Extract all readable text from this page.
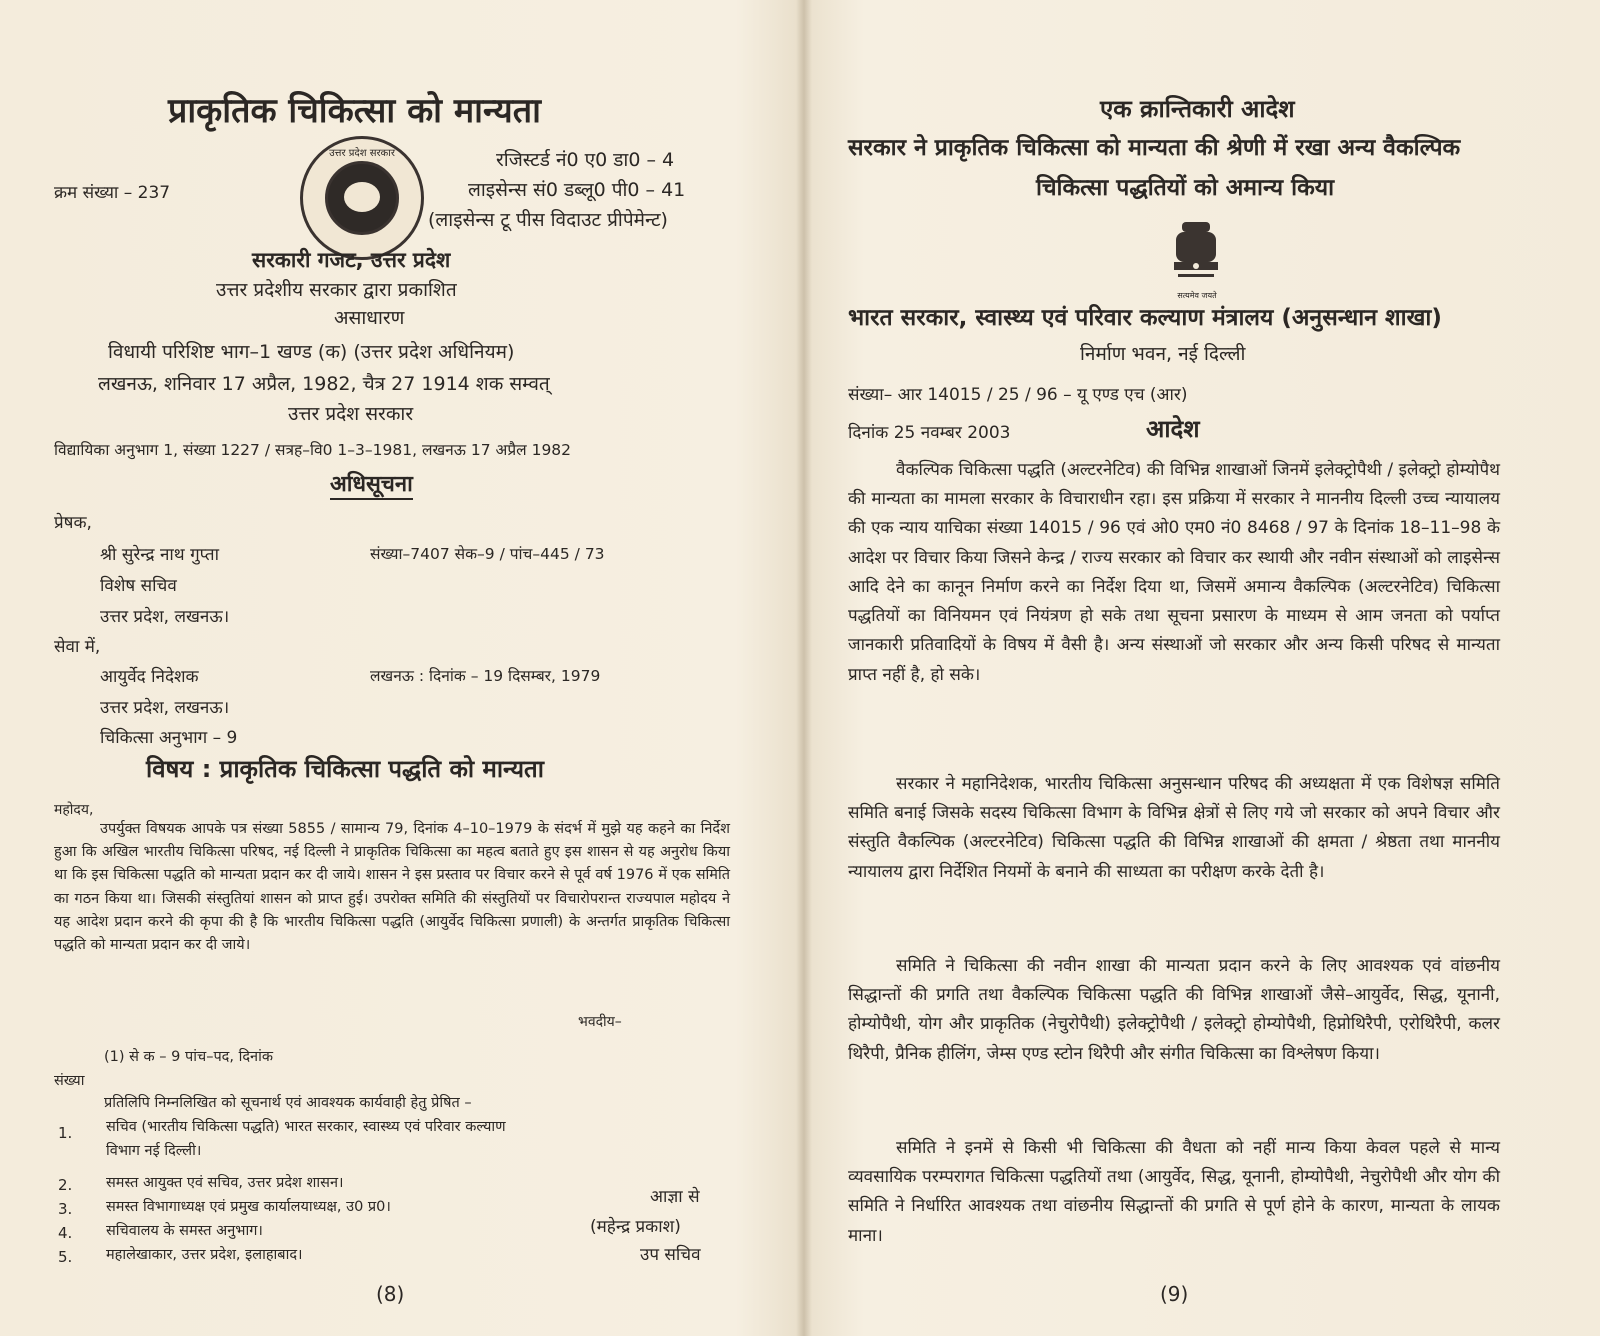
प्राकृतिक चिकित्सा को मान्यता
उत्तर प्रदेश सरकार	रजिस्टर्ड नं0 ए0 डा0 – 4
क्रम संख्या – 237	लाइसेन्स सं0 डब्लू0 पी0 – 41
(लाइसेन्स टू पीस विदाउट प्रीपेमेन्ट)
सरकारी गजट, उत्तर प्रदेश
उत्तर प्रदेशीय सरकार द्वारा प्रकाशित
असाधारण
विधायी परिशिष्ट भाग–1 खण्ड (क) (उत्तर प्रदेश अधिनियम)
लखनऊ, शनिवार 17 अप्रैल, 1982, चैत्र 27 1914 शक सम्वत्
उत्तर प्रदेश सरकार
विद्यायिका अनुभाग 1, संख्या 1227 / सत्रह–वि0 1–3–1981, लखनऊ 17 अप्रैल 1982
अधिसूचना
प्रेषक,
श्री सुरेन्द्र नाथ गुप्ता	संख्या–7407 सेक–9 / पांच–445 / 73
विशेष सचिव
उत्तर प्रदेश, लखनऊ।
सेवा में,
आयुर्वेद निदेशक	लखनऊ : दिनांक – 19 दिसम्बर, 1979
उत्तर प्रदेश, लखनऊ।
चिकित्सा अनुभाग – 9
विषय : प्राकृतिक चिकित्सा पद्धति को मान्यता
महोदय,
उपर्युक्त विषयक आपके पत्र संख्या 5855 / सामान्य 79, दिनांक 4–10–1979 के संदर्भ में मुझे यह कहने का निर्देश हुआ कि अखिल भारतीय चिकित्सा परिषद, नई दिल्ली ने प्राकृतिक चिकित्सा का महत्व बताते हुए इस शासन से यह अनुरोध किया था कि इस चिकित्सा पद्धति को मान्यता प्रदान कर दी जाये। शासन ने इस प्रस्ताव पर विचार करने से पूर्व वर्ष 1976 में एक समिति का गठन किया था। जिसकी संस्तुतियां शासन को प्राप्त हुई। उपरोक्त समिति की संस्तुतियों पर विचारोपरान्त राज्यपाल महोदय ने यह आदेश प्रदान करने की कृपा की है कि भारतीय चिकित्सा पद्धति (आयुर्वेद चिकित्सा प्रणाली) के अन्तर्गत प्राकृतिक चिकित्सा पद्धति को मान्यता प्रदान कर दी जाये।
भवदीय–
(1) से क – 9 पांच–पद, दिनांक
संख्या
प्रतिलिपि निम्नलिखित को सूचनार्थ एवं आवश्यक कार्यवाही हेतु प्रेषित –
1. सचिव (भारतीय चिकित्सा पद्धति) भारत सरकार, स्वास्थ्य एवं परिवार कल्याण
विभाग नई दिल्ली।
2. समस्त आयुक्त एवं सचिव, उत्तर प्रदेश शासन।
3. समस्त विभागाध्यक्ष एवं प्रमुख कार्यालयाध्यक्ष, उ0 प्र0।
4. सचिवालय के समस्त अनुभाग।
5. महालेखाकार, उत्तर प्रदेश, इलाहाबाद।
आज्ञा से
(महेन्द्र प्रकाश)
उप सचिव
(8)
एक क्रान्तिकारी आदेश
सरकार ने प्राकृतिक चिकित्सा को मान्यता की श्रेणी में रखा अन्य वैकल्पिक
चिकित्सा पद्धतियों को अमान्य किया
सत्यमेव जयते
भारत सरकार, स्वास्थ्य एवं परिवार कल्याण मंत्रालय (अनुसन्धान शाखा)
निर्माण भवन, नई दिल्ली
संख्या– आर 14015 / 25 / 96 – यू एण्ड एच (आर)
दिनांक 25 नवम्बर 2003	आदेश
वैकल्पिक चिकित्सा पद्धति (अल्टरनेटिव) की विभिन्न शाखाओं जिनमें इलेक्ट्रोपैथी / इलेक्ट्रो होम्योपैथ की मान्यता का मामला सरकार के विचाराधीन रहा। इस प्रक्रिया में सरकार ने माननीय दिल्ली उच्च न्यायालय की एक न्याय याचिका संख्या 14015 / 96 एवं ओ0 एम0 नं0 8468 / 97 के दिनांक 18–11–98 के आदेश पर विचार किया जिसने केन्द्र / राज्य सरकार को विचार कर स्थायी और नवीन संस्थाओं को लाइसेन्स आदि देने का कानून निर्माण करने का निर्देश दिया था, जिसमें अमान्य वैकल्पिक (अल्टरनेटिव) चिकित्सा पद्धतियों का विनियमन एवं नियंत्रण हो सके तथा सूचना प्रसारण के माध्यम से आम जनता को पर्याप्त जानकारी प्रतिवादियों के विषय में वैसी है। अन्य संस्थाओं जो सरकार और अन्य किसी परिषद से मान्यता प्राप्त नहीं है, हो सके।
सरकार ने महानिदेशक, भारतीय चिकित्सा अनुसन्धान परिषद की अध्यक्षता में एक विशेषज्ञ समिति समिति बनाई जिसके सदस्य चिकित्सा विभाग के विभिन्न क्षेत्रों से लिए गये जो सरकार को अपने विचार और संस्तुति वैकल्पिक (अल्टरनेटिव) चिकित्सा पद्धति की विभिन्न शाखाओं की क्षमता / श्रेष्ठता तथा माननीय न्यायालय द्वारा निर्देशित नियमों के बनाने की साध्यता का परीक्षण करके देती है।
समिति ने चिकित्सा की नवीन शाखा की मान्यता प्रदान करने के लिए आवश्यक एवं वांछनीय सिद्धान्तों की प्रगति तथा वैकल्पिक चिकित्सा पद्धति की विभिन्न शाखाओं जैसे–आयुर्वेद, सिद्ध, यूनानी, होम्योपैथी, योग और प्राकृतिक (नेचुरोपैथी) इलेक्ट्रोपैथी / इलेक्ट्रो होम्योपैथी, हिप्नोथिरैपी, एरोथिरैपी, कलर थिरैपी, प्रैनिक हीलिंग, जेम्स एण्ड स्टोन थिरैपी और संगीत चिकित्सा का विश्लेषण किया।
समिति ने इनमें से किसी भी चिकित्सा की वैधता को नहीं मान्य किया केवल पहले से मान्य व्यवसायिक परम्परागत चिकित्सा पद्धतियों तथा (आयुर्वेद, सिद्ध, यूनानी, होम्योपैथी, नेचुरोपैथी और योग की समिति ने निर्धारित आवश्यक तथा वांछनीय सिद्धान्तों की प्रगति से पूर्ण होने के कारण, मान्यता के लायक माना।
(9)
